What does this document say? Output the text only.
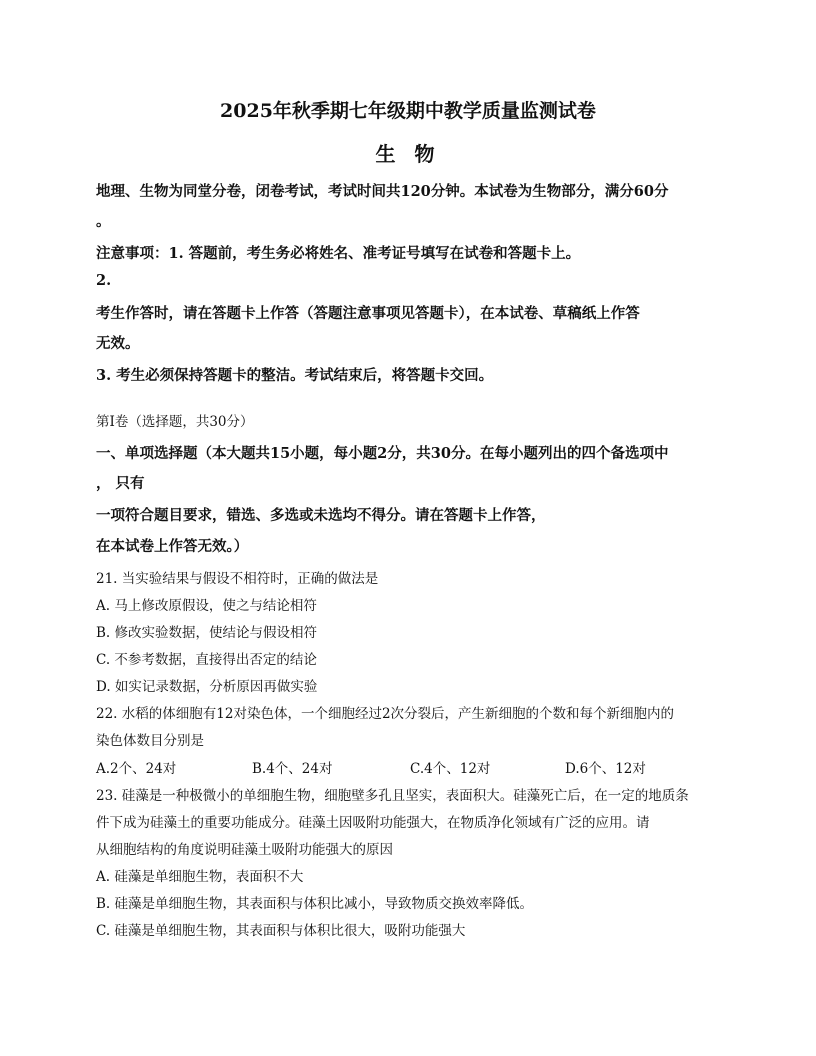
2025年秋季期七年级期中教学质量监测试卷
生 物
地理、生物为同堂分卷，闭卷考试，考试时间共120分钟。本试卷为生物部分，满分60分
。
注意事项：1. 答题前，考生务必将姓名、准考证号填写在试卷和答题卡上。
2.
考生作答时，请在答题卡上作答（答题注意事项见答题卡），在本试卷、草稿纸上作答
无效。
3. 考生必须保持答题卡的整洁。考试结束后，将答题卡交回。
第Ⅰ卷（选择题，共30分）
一、单项选择题（本大题共15小题，每小题2分，共30分。在每小题列出的四个备选项中
， 只有
一项符合题目要求，错选、多选或未选均不得分。请在答题卡上作答，
在本试卷上作答无效。）
21. 当实验结果与假设不相符时，正确的做法是
A. 马上修改原假设，使之与结论相符
B. 修改实验数据，使结论与假设相符
C. 不参考数据，直接得出否定的结论
D. 如实记录数据，分析原因再做实验
22. 水稻的体细胞有12对染色体，一个细胞经过2次分裂后，产生新细胞的个数和每个新细胞内的
染色体数目分别是
A.2个、24对	B.4个、24对	C.4个、12对	D.6个、12对
23. 硅藻是一种极微小的单细胞生物，细胞壁多孔且坚实，表面积大。硅藻死亡后，在一定的地质条
件下成为硅藻土的重要功能成分。硅藻土因吸附功能强大，在物质净化领域有广泛的应用。请
从细胞结构的角度说明硅藻土吸附功能强大的原因
A. 硅藻是单细胞生物，表面积不大
B. 硅藻是单细胞生物，其表面积与体积比减小，导致物质交换效率降低。
C. 硅藻是单细胞生物，其表面积与体积比很大，吸附功能强大
